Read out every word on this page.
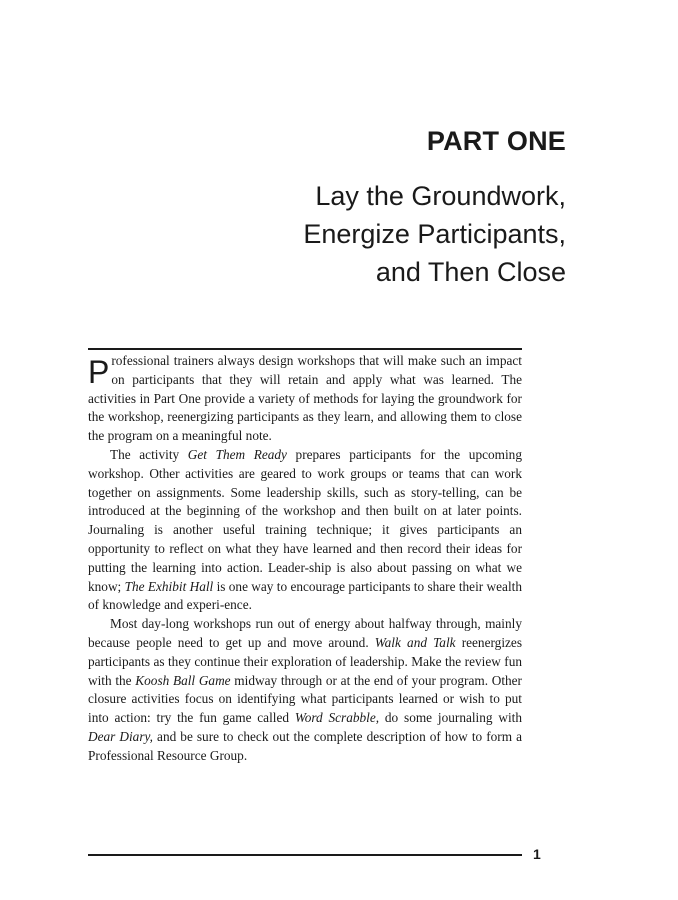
PART ONE
Lay the Groundwork,
Energize Participants,
and Then Close

Professional trainers always design workshops that will make such an impact on participants that they will retain and apply what was learned. The activities in Part One provide a variety of methods for laying the groundwork for the workshop, reenergizing participants as they learn, and allowing them to close the program on a meaningful note.

The activity Get Them Ready prepares participants for the upcoming workshop. Other activities are geared to work groups or teams that can work together on assignments. Some leadership skills, such as story-telling, can be introduced at the beginning of the workshop and then built on at later points. Journaling is another useful training technique; it gives participants an opportunity to reflect on what they have learned and then record their ideas for putting the learning into action. Leader-ship is also about passing on what we know; The Exhibit Hall is one way to encourage participants to share their wealth of knowledge and experi-ence.

Most day-long workshops run out of energy about halfway through, mainly because people need to get up and move around. Walk and Talk reenergizes participants as they continue their exploration of leadership. Make the review fun with the Koosh Ball Game midway through or at the end of your program. Other closure activities focus on identifying what participants learned or wish to put into action: try the fun game called Word Scrabble, do some journaling with Dear Diary, and be sure to check out the complete description of how to form a Professional Resource Group.

1
